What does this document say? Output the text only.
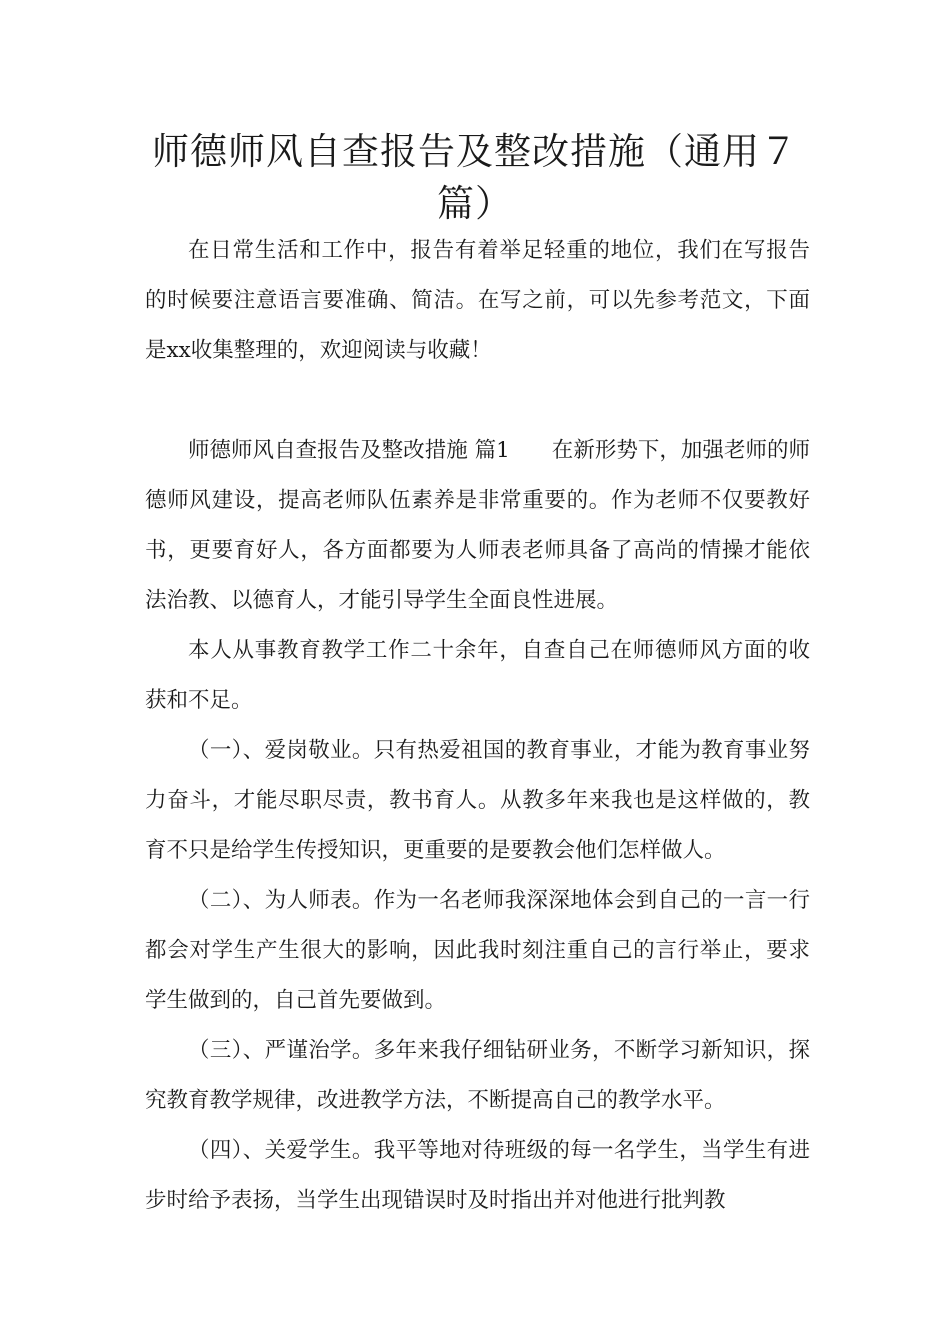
师德师风自查报告及整改措施（通用７篇）

在日常生活和工作中，报告有着举足轻重的地位，我们在写报告的时候要注意语言要准确、简洁。在写之前，可以先参考范文，下面是xx收集整理的，欢迎阅读与收藏！

师德师风自查报告及整改措施 篇1 在新形势下，加强老师的师德师风建设，提高老师队伍素养是非常重要的。作为老师不仅要教好书，更要育好人，各方面都要为人师表老师具备了高尚的情操才能依法治教、以德育人，才能引导学生全面良性进展。

本人从事教育教学工作二十余年，自查自己在师德师风方面的收获和不足。

（一）、爱岗敬业。只有热爱祖国的教育事业，才能为教育事业努力奋斗，才能尽职尽责，教书育人。从教多年来我也是这样做的，教育不只是给学生传授知识，更重要的是要教会他们怎样做人。

（二）、为人师表。作为一名老师我深深地体会到自己的一言一行都会对学生产生很大的影响，因此我时刻注重自己的言行举止，要求学生做到的，自己首先要做到。

（三）、严谨治学。多年来我仔细钻研业务，不断学习新知识，探究教育教学规律，改进教学方法，不断提高自己的教学水平。

（四）、关爱学生。我平等地对待班级的每一名学生，当学生有进步时给予表扬，当学生出现错误时及时指出并对他进行批判教
